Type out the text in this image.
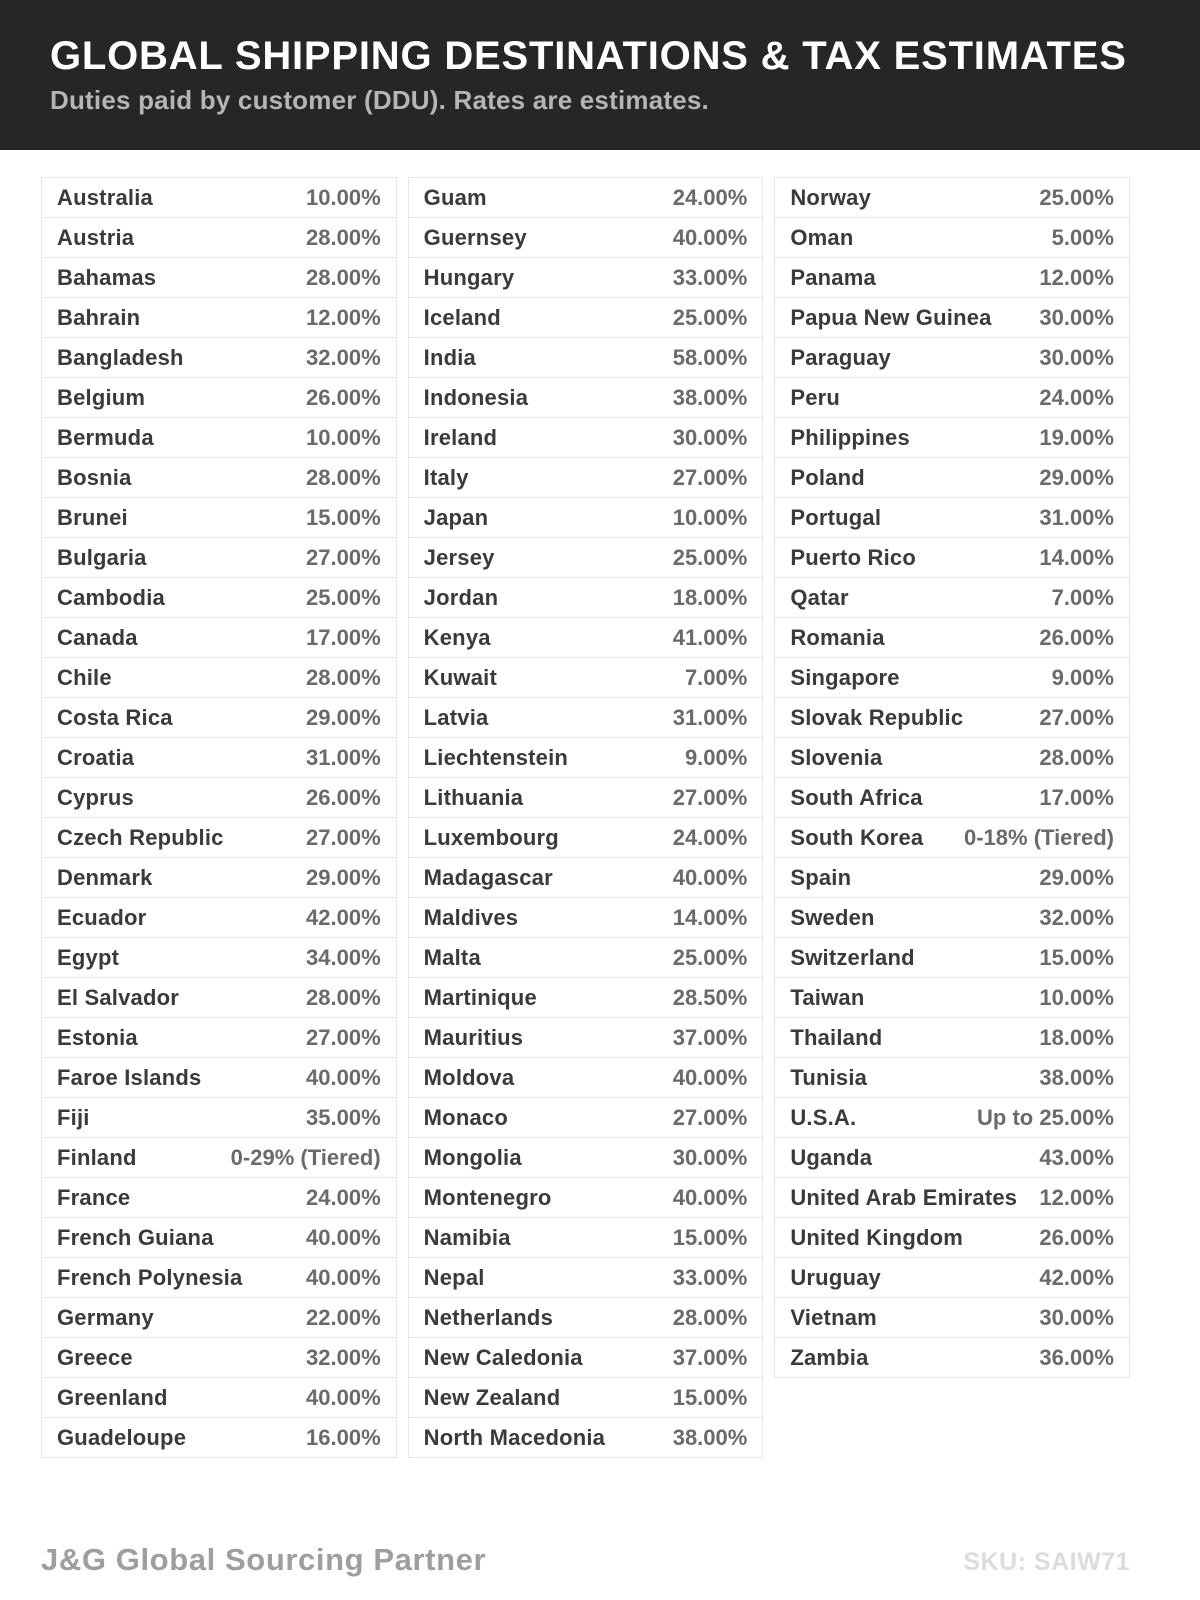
GLOBAL SHIPPING DESTINATIONS & TAX ESTIMATES
Duties paid by customer (DDU). Rates are estimates.
Australia	10.00%
Austria	28.00%
Bahamas	28.00%
Bahrain	12.00%
Bangladesh	32.00%
Belgium	26.00%
Bermuda	10.00%
Bosnia	28.00%
Brunei	15.00%
Bulgaria	27.00%
Cambodia	25.00%
Canada	17.00%
Chile	28.00%
Costa Rica	29.00%
Croatia	31.00%
Cyprus	26.00%
Czech Republic	27.00%
Denmark	29.00%
Ecuador	42.00%
Egypt	34.00%
El Salvador	28.00%
Estonia	27.00%
Faroe Islands	40.00%
Fiji	35.00%
Finland	0-29% (Tiered)
France	24.00%
French Guiana	40.00%
French Polynesia	40.00%
Germany	22.00%
Greece	32.00%
Greenland	40.00%
Guadeloupe	16.00%
Guam	24.00%
Guernsey	40.00%
Hungary	33.00%
Iceland	25.00%
India	58.00%
Indonesia	38.00%
Ireland	30.00%
Italy	27.00%
Japan	10.00%
Jersey	25.00%
Jordan	18.00%
Kenya	41.00%
Kuwait	7.00%
Latvia	31.00%
Liechtenstein	9.00%
Lithuania	27.00%
Luxembourg	24.00%
Madagascar	40.00%
Maldives	14.00%
Malta	25.00%
Martinique	28.50%
Mauritius	37.00%
Moldova	40.00%
Monaco	27.00%
Mongolia	30.00%
Montenegro	40.00%
Namibia	15.00%
Nepal	33.00%
Netherlands	28.00%
New Caledonia	37.00%
New Zealand	15.00%
North Macedonia	38.00%
Norway	25.00%
Oman	5.00%
Panama	12.00%
Papua New Guinea 30.00%
Paraguay	30.00%
Peru	24.00%
Philippines	19.00%
Poland	29.00%
Portugal	31.00%
Puerto Rico	14.00%
Qatar	7.00%
Romania	26.00%
Singapore	9.00%
Slovak Republic	27.00%
Slovenia	28.00%
South Africa	17.00%
South Korea 0-18% (Tiered)
Spain	29.00%
Sweden	32.00%
Switzerland	15.00%
Taiwan	10.00%
Thailand	18.00%
Tunisia	38.00%
U.S.A.	Up to 25.00%
Uganda	43.00%
United Arab Emirates 12.00%
United Kingdom	26.00%
Uruguay	42.00%
Vietnam	30.00%
Zambia	36.00%
J&G Global Sourcing Partner	SKU: SAIW71
